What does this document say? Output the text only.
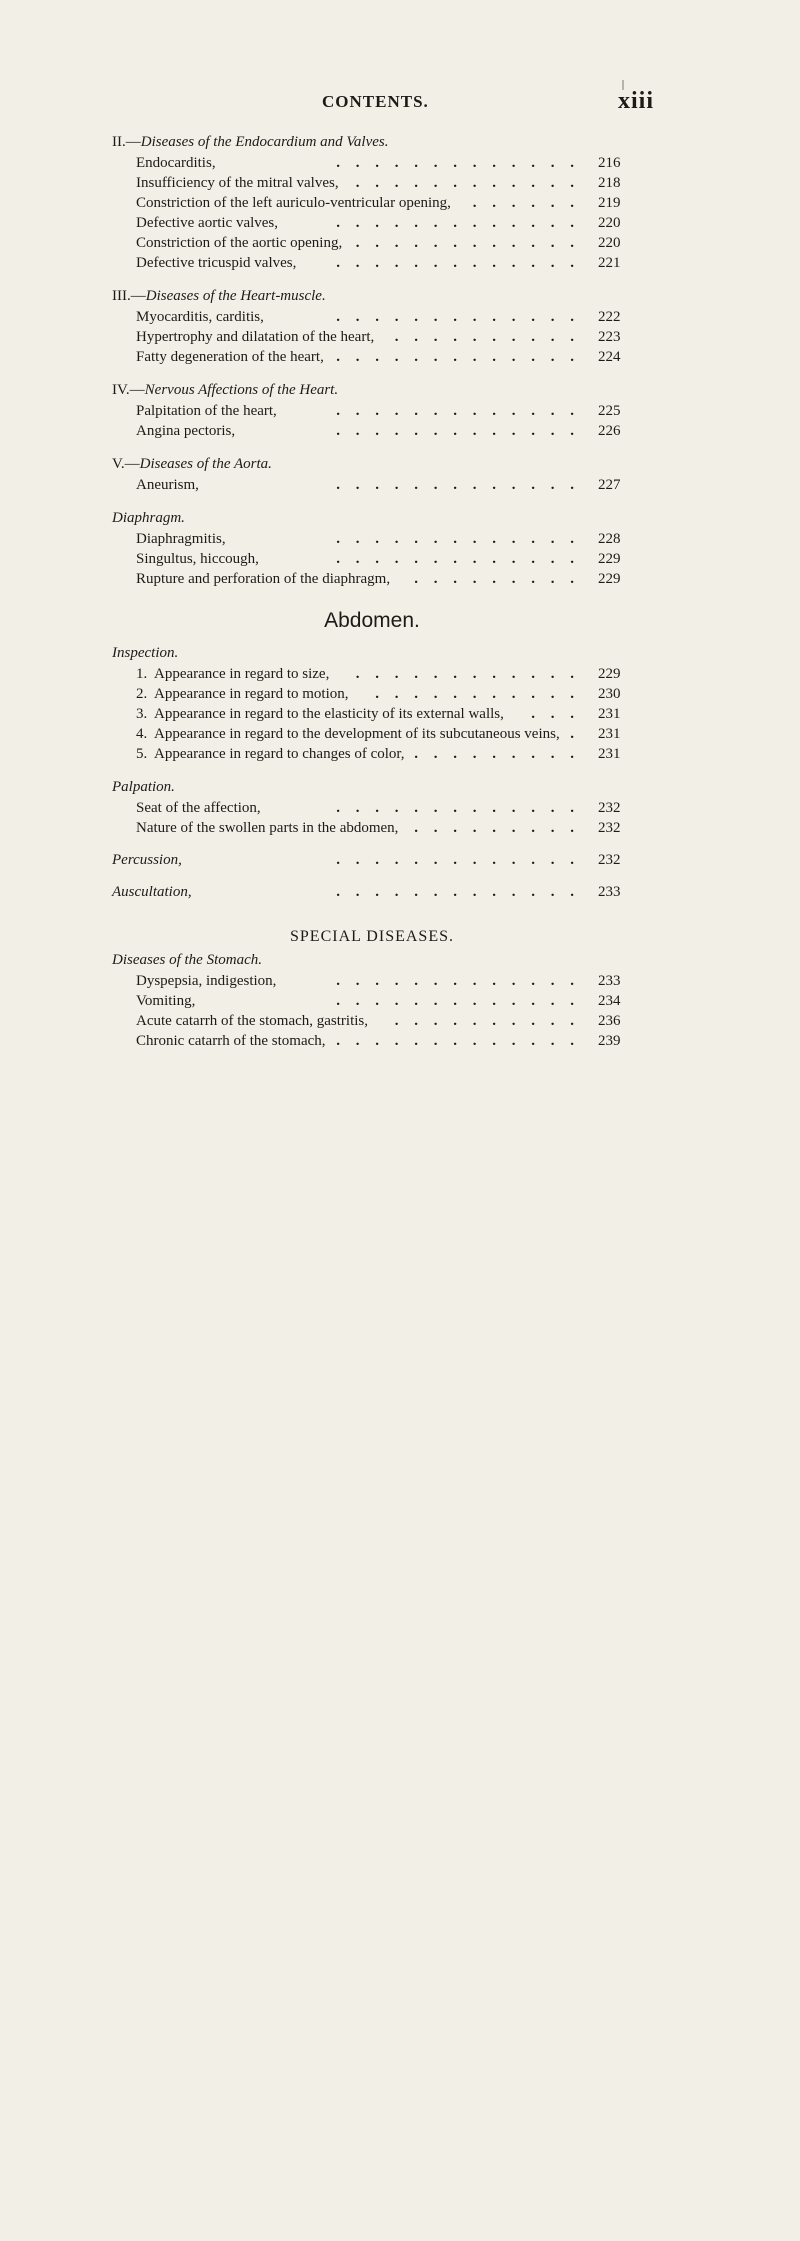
CONTENTS.	xiii
II.—Diseases of the Endocardium and Valves.
Endocarditis,	. . . . . . . . . . . . . 216
Insufficiency of the mitral valves, . . . . . . . . . . . . 218
Constriction of the left auriculo-ventricular opening, . . . . . . 219
Defective aortic valves,	. . . . . . . . . . . . . 220
Constriction of the aortic opening, . . . . . . . . . . . . 220
Defective tricuspid valves,	. . . . . . . . . . . . . 221
III.—Diseases of the Heart-muscle.
Myocarditis, carditis,	. . . . . . . . . . . . . 222
Hypertrophy and dilatation of the heart, . . . . . . . . . . 223
Fatty degeneration of the heart, . . . . . . . . . . . . . 224
IV.—Nervous Affections of the Heart.
Palpitation of the heart,	. . . . . . . . . . . . . 225
Angina pectoris,	. . . . . . . . . . . . . 226
V.—Diseases of the Aorta.
Aneurism,	. . . . . . . . . . . . . 227
Diaphragm.
Diaphragmitis,	. . . . . . . . . . . . . 228
Singultus, hiccough,	. . . . . . . . . . . . . 229
Rupture and perforation of the diaphragm, . . . . . . . . . 229
Abdomen.
Inspection.
1. Appearance in regard to size, . . . . . . . . . . . . 229
2. Appearance in regard to motion, . . . . . . . . . . . 230
3. Appearance in regard to the elasticity of its external walls, . . . 231
4. Appearance in regard to the development of its subcutaneous veins, . 231
5. Appearance in regard to changes of color, . . . . . . . . . 231
Palpation.
Seat of the affection,	. . . . . . . . . . . . . 232
Nature of the swollen parts in the abdomen, . . . . . . . . . 232
Percussion,	. . . . . . . . . . . . . 232
Auscultation,	. . . . . . . . . . . . . 233
SPECIAL DISEASES.
Diseases of the Stomach.
Dyspepsia, indigestion,	. . . . . . . . . . . . . 233
Vomiting,	. . . . . . . . . . . . . 234
Acute catarrh of the stomach, gastritis, . . . . . . . . . . 236
Chronic catarrh of the stomach, . . . . . . . . . . . . . 239
